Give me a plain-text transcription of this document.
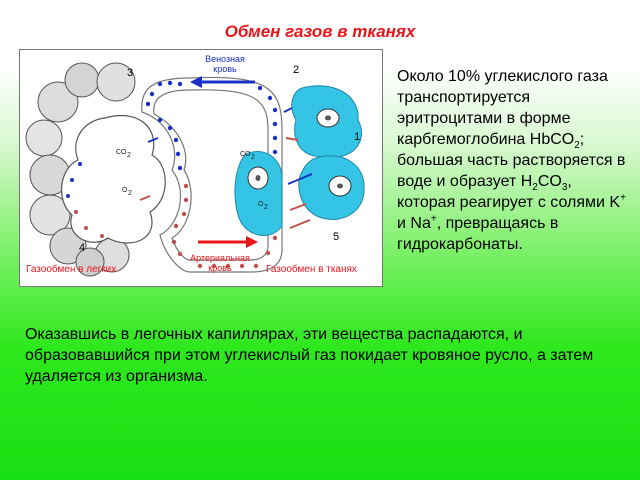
Обмен газов в тканях
Венозная
кровь
Артериальная
кровь
Газообмен в легких	Газообмен в тканях
1
2
3
4
5
CO 2
O 2
CO 2
O 2
Около 10% углекислого газа транспортируется эритроцитами в форме карбгемоглобина HbCO$_2$; большая часть растворяется в воде и образует $H_2CO_3$, которая реагирует с солями K+ и Na+, превращаясь в гидрокарбонаты.
Оказавшись в легочных капиллярах, эти вещества распадаются, и образовавшийся при этом углекислый газ покидает кровяное русло, а затем удаляется из организма.
